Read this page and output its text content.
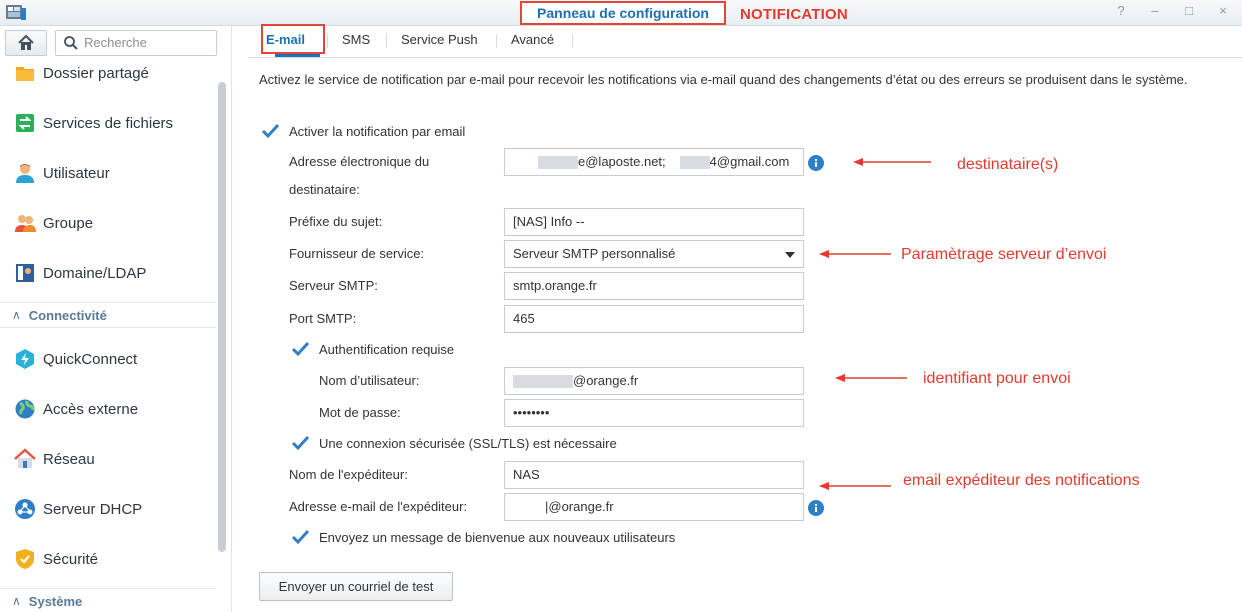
Panneau de configuration	NOTIFICATION	? – □ ×
Recherche
Dossier partagé
Services de fichiers
Utilisateur
Groupe
Domaine/LDAP
∧ Connectivité
QuickConnect
Accès externe
Réseau
Serveur DHCP
Sécurité
∧ Système
E-mail	SMS Service Push	Avancé
Activez le service de notification par e-mail pour recevoir les notifications via e-mail quand des changements d’état ou des erreurs se produisent dans le système.
Activer la notification par email
Adresse électronique du destinataire:
e@laposte.net;	4@gmail.com
Préfixe du sujet:	[NAS] Info --
Fournisseur de service:	Serveur SMTP personnalisé
Serveur SMTP:	smtp.orange.fr
Port SMTP:	465
Authentification requise
Nom d’utilisateur:	@orange.fr
Mot de passe:	••••••••
Une connexion sécurisée (SSL/TLS) est nécessaire
Nom de l'expéditeur:	NAS
Adresse e-mail de l'expéditeur:	|@orange.fr
Envoyez un message de bienvenue aux nouveaux utilisateurs
Envoyer un courriel de test
destinataire(s)
Paramètrage serveur d’envoi
identifiant pour envoi
email expéditeur des notifications
